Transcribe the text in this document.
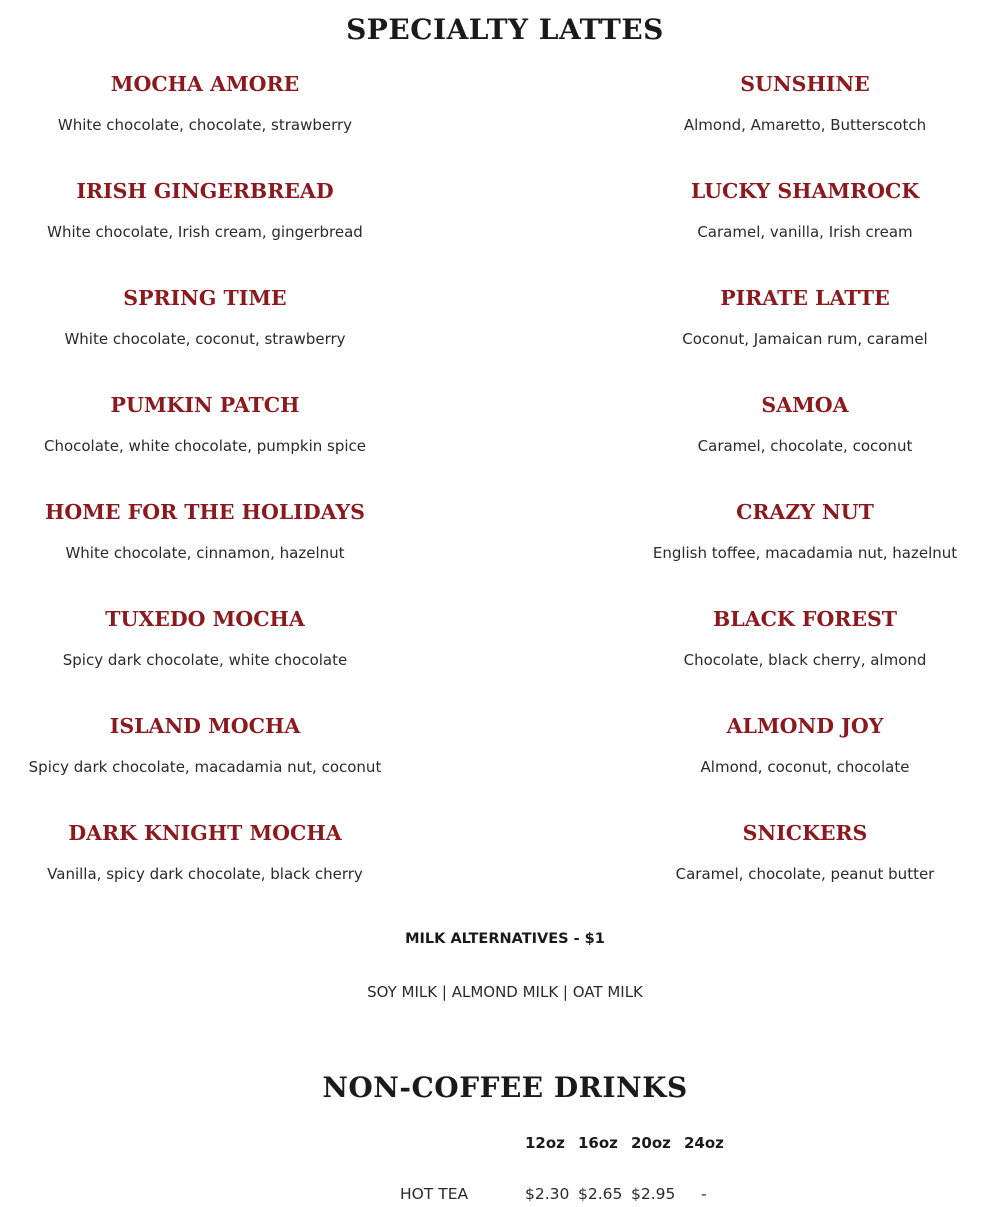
SPECIALTY LATTES
MOCHA AMORE
White chocolate, chocolate, strawberry
IRISH GINGERBREAD
White chocolate, Irish cream, gingerbread
SPRING TIME
White chocolate, coconut, strawberry
PUMKIN PATCH
Chocolate, white chocolate, pumpkin spice
HOME FOR THE HOLIDAYS
White chocolate, cinnamon, hazelnut
TUXEDO MOCHA
Spicy dark chocolate, white chocolate
ISLAND MOCHA
Spicy dark chocolate, macadamia nut, coconut
DARK KNIGHT MOCHA
Vanilla, spicy dark chocolate, black cherry
SUNSHINE
Almond, Amaretto, Butterscotch
LUCKY SHAMROCK
Caramel, vanilla, Irish cream
PIRATE LATTE
Coconut, Jamaican rum, caramel
SAMOA
Caramel, chocolate, coconut
CRAZY NUT
English toffee, macadamia nut, hazelnut
BLACK FOREST
Chocolate, black cherry, almond
ALMOND JOY
Almond, coconut, chocolate
SNICKERS
Caramel, chocolate, peanut butter
MILK ALTERNATIVES - $1
SOY MILK | ALMOND MILK | OAT MILK
NON-COFFEE DRINKS
	12oz	16oz	20oz	24oz

HOT TEA	$2.30	$2.65	$2.95	-
